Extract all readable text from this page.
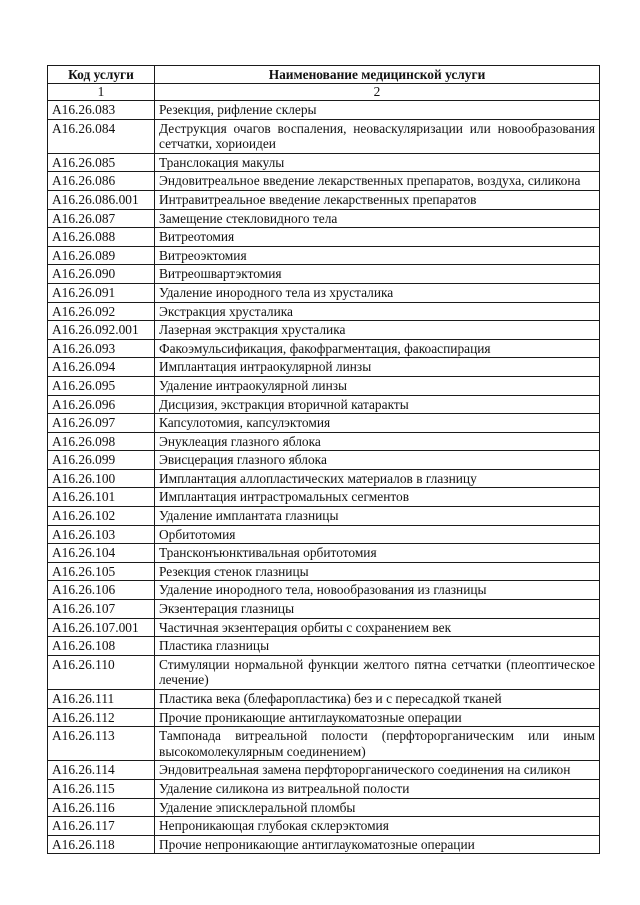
Код услуги	Наименование медицинской услуги
1	2
A16.26.083	Резекция, рифление склеры
A16.26.084	Деструкция очагов воспаления, неоваскуляризации или новообразования сетчатки, хориоидеи
A16.26.085	Транслокация макулы
A16.26.086	Эндовитреальное введение лекарственных препаратов, воздуха, силикона
A16.26.086.001	Интравитреальное введение лекарственных препаратов
A16.26.087	Замещение стекловидного тела
A16.26.088	Витреотомия
A16.26.089	Витреоэктомия
A16.26.090	Витреошвартэктомия
A16.26.091	Удаление инородного тела из хрусталика
A16.26.092	Экстракция хрусталика
A16.26.092.001	Лазерная экстракция хрусталика
A16.26.093	Факоэмульсификация, факофрагментация, факоаспирация
A16.26.094	Имплантация интраокулярной линзы
A16.26.095	Удаление интраокулярной линзы
A16.26.096	Дисцизия, экстракция вторичной катаракты
A16.26.097	Капсулотомия, капсулэктомия
A16.26.098	Энуклеация глазного яблока
A16.26.099	Эвисцерация глазного яблока
A16.26.100	Имплантация аллопластических материалов в глазницу
A16.26.101	Имплантация интрастромальных сегментов
A16.26.102	Удаление имплантата глазницы
A16.26.103	Орбитотомия
A16.26.104	Трансконъюнктивальная орбитотомия
A16.26.105	Резекция стенок глазницы
A16.26.106	Удаление инородного тела, новообразования из глазницы
A16.26.107	Экзентерация глазницы
A16.26.107.001	Частичная экзентерация орбиты с сохранением век
A16.26.108	Пластика глазницы
A16.26.110	Стимуляции нормальной функции желтого пятна сетчатки (плеоптическое лечение)
A16.26.111	Пластика века (блефаропластика) без и с пересадкой тканей
A16.26.112	Прочие проникающие антиглаукоматозные операции
A16.26.113	Тампонада витреальной полости (перфторорганическим или иным высокомолекулярным соединением)
A16.26.114	Эндовитреальная замена перфторорганического соединения на силикон
A16.26.115	Удаление силикона из витреальной полости
A16.26.116	Удаление эписклеральной пломбы
A16.26.117	Непроникающая глубокая склерэктомия
A16.26.118	Прочие непроникающие антиглаукоматозные операции
